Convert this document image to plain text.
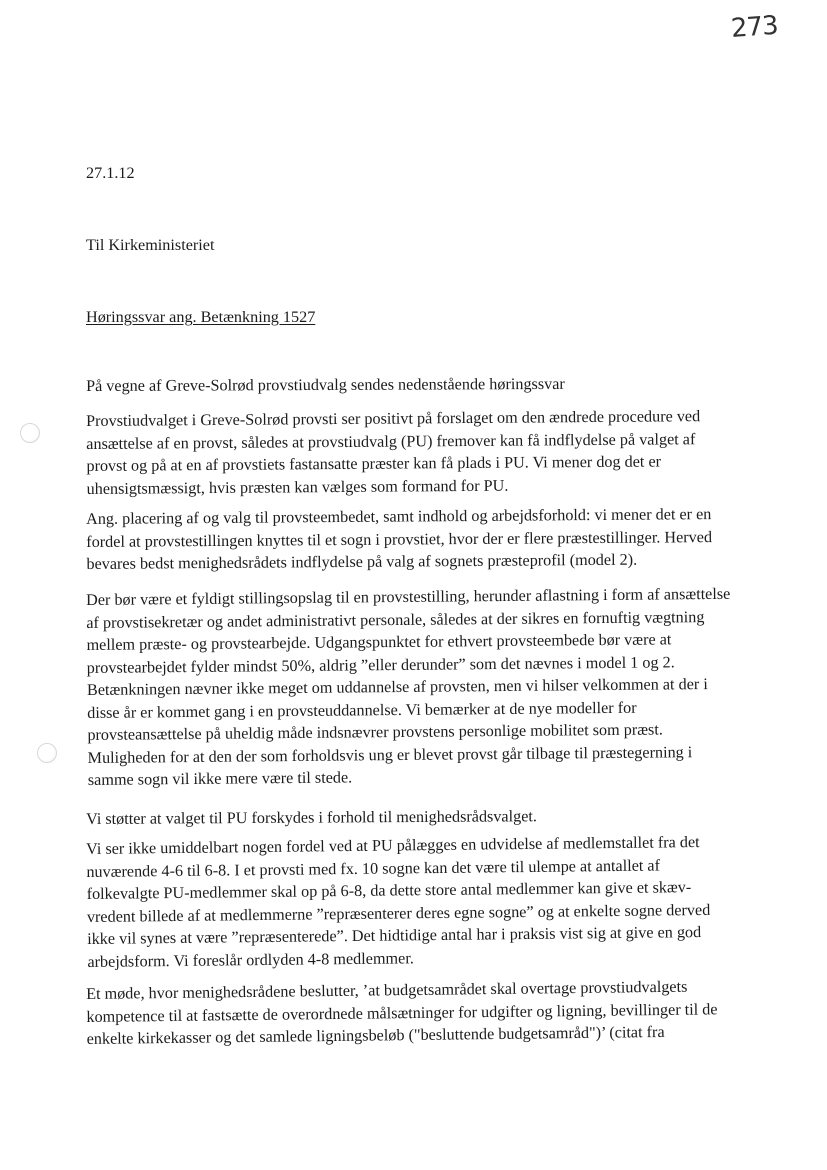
273

27.1.12

Til Kirkeministeriet

Høringssvar ang. Betænkning 1527

På vegne af Greve-Solrød provstiudvalg sendes nedenstående høringssvar
Provstiudvalget i Greve-Solrød provsti ser positivt på forslaget om den ændrede procedure ved
ansættelse af en provst, således at provstiudvalg (PU) fremover kan få indflydelse på valget af
provst og på at en af provstiets fastansatte præster kan få plads i PU. Vi mener dog det er
uhensigtsmæssigt, hvis præsten kan vælges som formand for PU.
Ang. placering af og valg til provsteembedet, samt indhold og arbejdsforhold: vi mener det er en
fordel at provstestillingen knyttes til et sogn i provstiet, hvor der er flere præstestillinger. Herved
bevares bedst menighedsrådets indflydelse på valg af sognets præsteprofil (model 2).
Der bør være et fyldigt stillingsopslag til en provstestilling, herunder aflastning i form af ansættelse
af provstisekretær og andet administrativt personale, således at der sikres en fornuftig vægtning
mellem præste- og provstearbejde. Udgangspunktet for ethvert provsteembede bør være at
provstearbejdet fylder mindst 50%, aldrig ”eller derunder” som det nævnes i model 1 og 2.
Betænkningen nævner ikke meget om uddannelse af provsten, men vi hilser velkommen at der i
disse år er kommet gang i en provsteuddannelse. Vi bemærker at de nye modeller for
provsteansættelse på uheldig måde indsnævrer provstens personlige mobilitet som præst.
Muligheden for at den der som forholdsvis ung er blevet provst går tilbage til præstegerning i
samme sogn vil ikke mere være til stede.
Vi støtter at valget til PU forskydes i forhold til menighedsrådsvalget.
Vi ser ikke umiddelbart nogen fordel ved at PU pålægges en udvidelse af medlemstallet fra det
nuværende 4-6 til 6-8. I et provsti med fx. 10 sogne kan det være til ulempe at antallet af
folkevalgte PU-medlemmer skal op på 6-8, da dette store antal medlemmer kan give et skæv-
vredent billede af at medlemmerne ”repræsenterer deres egne sogne” og at enkelte sogne derved
ikke vil synes at være ”repræsenterede”. Det hidtidige antal har i praksis vist sig at give en god
arbejdsform. Vi foreslår ordlyden 4-8 medlemmer.
Et møde, hvor menighedsrådene beslutter, ’at budgetsamrådet skal overtage provstiudvalgets
kompetence til at fastsætte de overordnede målsætninger for udgifter og ligning, bevillinger til de
enkelte kirkekasser og det samlede ligningsbeløb ("besluttende budgetsamråd")’ (citat fra
